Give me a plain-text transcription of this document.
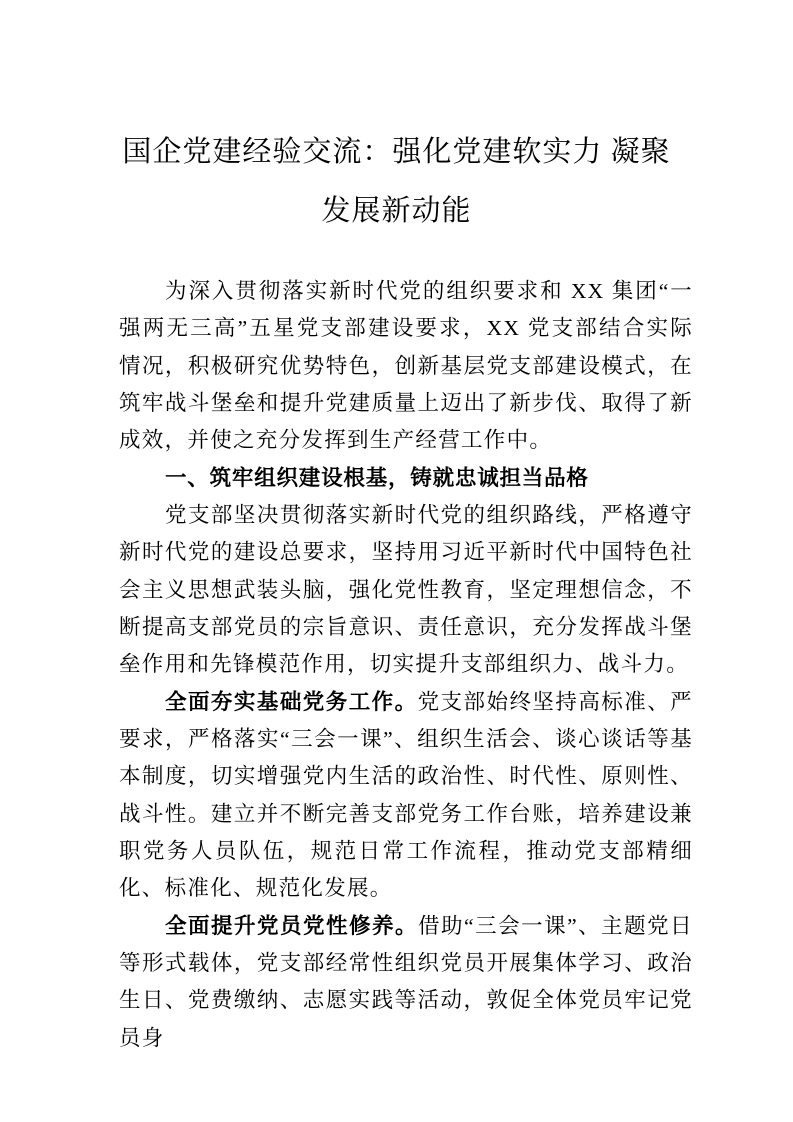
国企党建经验交流：强化党建软实力 凝聚
发展新动能

为深入贯彻落实新时代党的组织要求和 XX 集团“一强两无三高”五星党支部建设要求，XX 党支部结合实际情况，积极研究优势特色，创新基层党支部建设模式，在筑牢战斗堡垒和提升党建质量上迈出了新步伐、取得了新成效，并使之充分发挥到生产经营工作中。

一、筑牢组织建设根基，铸就忠诚担当品格

党支部坚决贯彻落实新时代党的组织路线，严格遵守新时代党的建设总要求，坚持用习近平新时代中国特色社会主义思想武装头脑，强化党性教育，坚定理想信念，不断提高支部党员的宗旨意识、责任意识，充分发挥战斗堡垒作用和先锋模范作用，切实提升支部组织力、战斗力。

全面夯实基础党务工作。党支部始终坚持高标准、严要求，严格落实“三会一课”、组织生活会、谈心谈话等基本制度，切实增强党内生活的政治性、时代性、原则性、战斗性。建立并不断完善支部党务工作台账，培养建设兼职党务人员队伍，规范日常工作流程，推动党支部精细化、标准化、规范化发展。

全面提升党员党性修养。借助“三会一课”、主题党日等形式载体，党支部经常性组织党员开展集体学习、政治生日、党费缴纳、志愿实践等活动，敦促全体党员牢记党员身
